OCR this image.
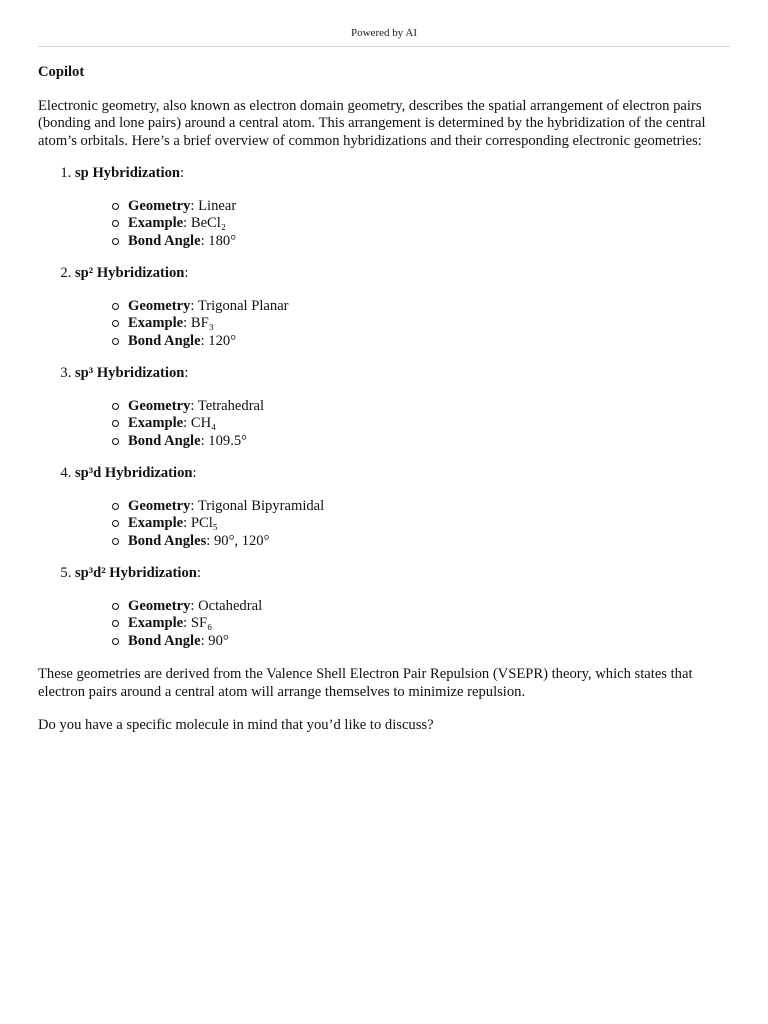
Powered by AI

Copilot

Electronic geometry, also known as electron domain geometry, describes the spatial arrangement of electron pairs (bonding and lone pairs) around a central atom. This arrangement is determined by the hybridization of the central atom’s orbitals. Here’s a brief overview of common hybridizations and their corresponding electronic geometries:

1. sp Hybridization:
Geometry: Linear
Example: BeCl₂
Bond Angle: 180°
2. sp² Hybridization:
Geometry: Trigonal Planar
Example: BF₃
Bond Angle: 120°
3. sp³ Hybridization:
Geometry: Tetrahedral
Example: CH₄
Bond Angle: 109.5°
4. sp³d Hybridization:
Geometry: Trigonal Bipyramidal
Example: PCl₅
Bond Angles: 90°, 120°
5. sp³d² Hybridization:
Geometry: Octahedral
Example: SF₆
Bond Angle: 90°

These geometries are derived from the Valence Shell Electron Pair Repulsion (VSEPR) theory, which states that electron pairs around a central atom will arrange themselves to minimize repulsion.

Do you have a specific molecule in mind that you’d like to discuss?
